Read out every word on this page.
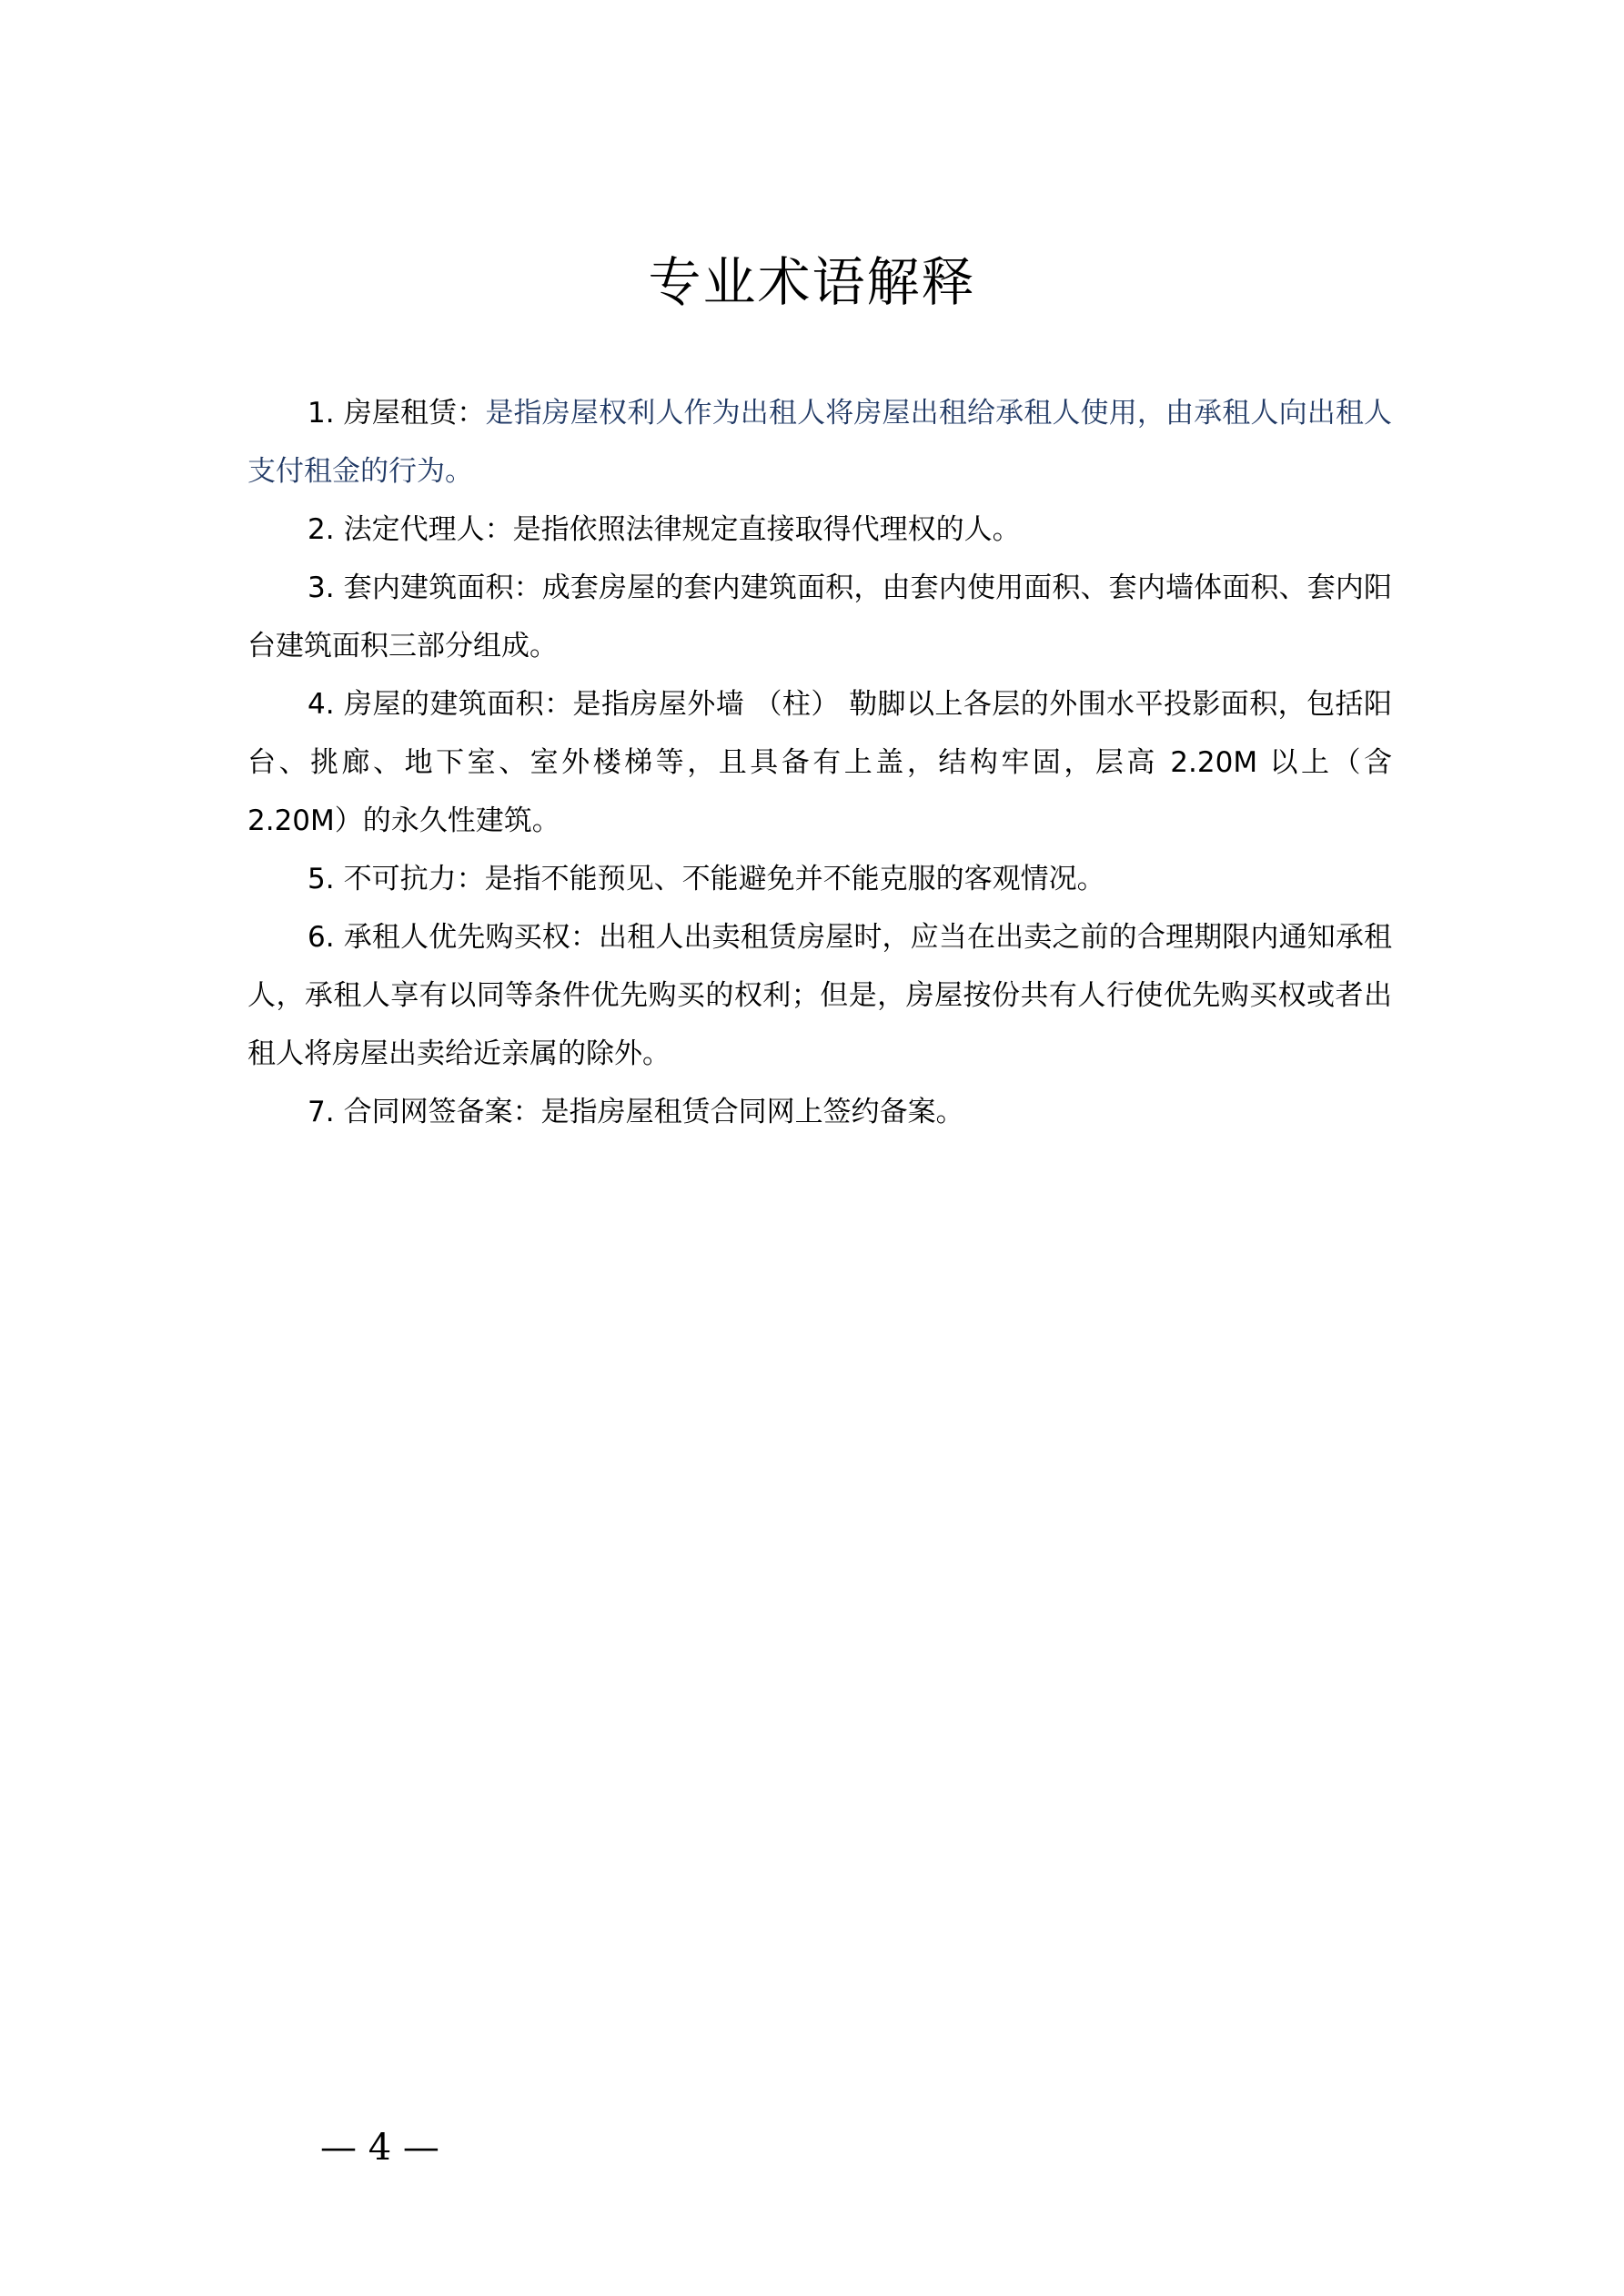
专业术语解释
1. 房屋租赁：是指房屋权利人作为出租人将房屋出租给承租人使用，由承租人向出租人支付租金的行为。
2. 法定代理人：是指依照法律规定直接取得代理权的人。
3. 套内建筑面积：成套房屋的套内建筑面积，由套内使用面积、套内墙体面积、套内阳台建筑面积三部分组成。
4. 房屋的建筑面积：是指房屋外墙 （柱） 勒脚以上各层的外围水平投影面积，包括阳台、挑廊、地下室、室外楼梯等，且具备有上盖，结构牢固，层高 2.20M 以上（含 2.20M）的永久性建筑。
5. 不可抗力：是指不能预见、不能避免并不能克服的客观情况。
6. 承租人优先购买权：出租人出卖租赁房屋时，应当在出卖之前的合理期限内通知承租人，承租人享有以同等条件优先购买的权利；但是，房屋按份共有人行使优先购买权或者出租人将房屋出卖给近亲属的除外。
7. 合同网签备案：是指房屋租赁合同网上签约备案。
— 4 —
